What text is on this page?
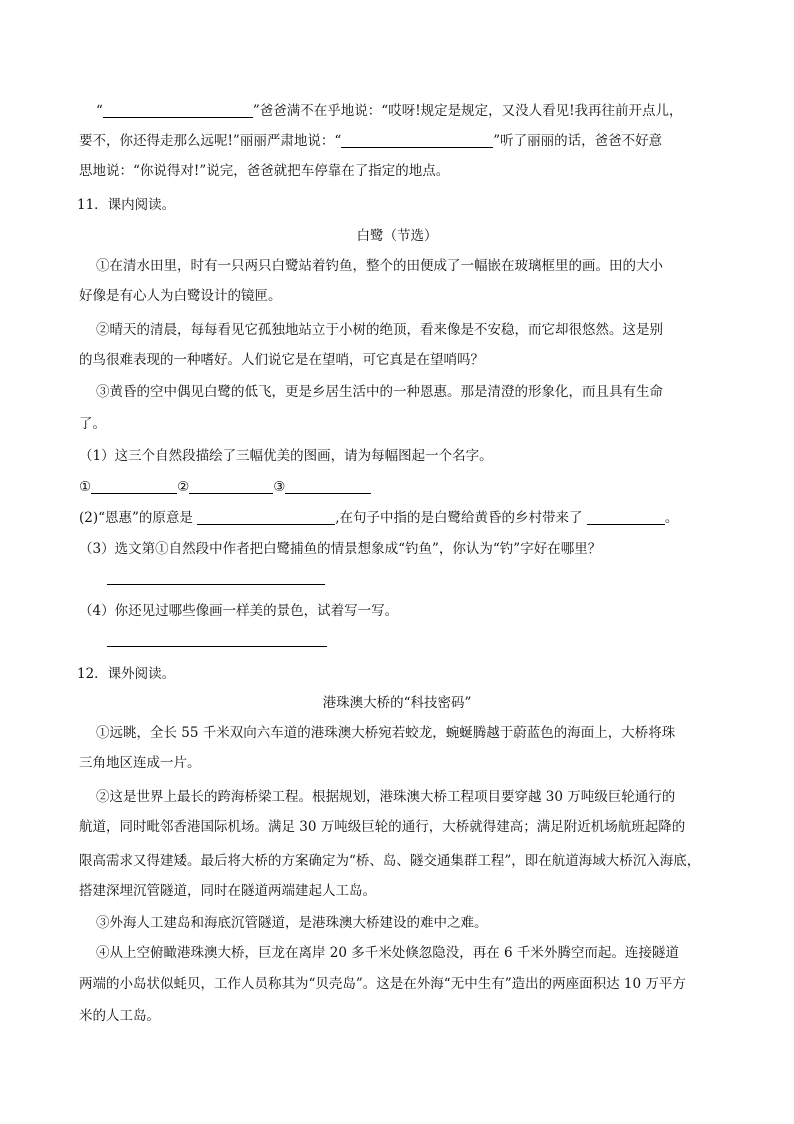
“	”爸爸满不在乎地说：“哎呀!规定是规定，又没人看见!我再往前开点儿，
要不，你还得走那么远呢!”丽丽严肃地说：“	”听了丽丽的话，爸爸不好意
思地说：“你说得对!”说完，爸爸就把车停靠在了指定的地点。
11．课内阅读。
白鹭（节选）
①在清水田里，时有一只两只白鹭站着钓鱼，整个的田便成了一幅嵌在玻璃框里的画。田的大小
好像是有心人为白鹭设计的镜匣。
②晴天的清晨，每每看见它孤独地站立于小树的绝顶，看来像是不安稳，而它却很悠然。这是别
的鸟很难表现的一种嗜好。人们说它是在望哨，可它真是在望哨吗？
③黄昏的空中偶见白鹭的低飞，更是乡居生活中的一种恩惠。那是清澄的形象化，而且具有生命
了。
（1）这三个自然段描绘了三幅优美的图画，请为每幅图起一个名字。
①	②	③
(2)“恩惠”的原意是	,在句子中指的是白鹭给黄昏的乡村带来了	。
（3）选文第①自然段中作者把白鹭捕鱼的情景想象成“钓鱼”，你认为“钓”字好在哪里？
（4）你还见过哪些像画一样美的景色，试着写一写。
12．课外阅读。
港珠澳大桥的“科技密码”
①远眺，全长 55 千米双向六车道的港珠澳大桥宛若蛟龙，蜿蜒腾越于蔚蓝色的海面上，大桥将珠
三角地区连成一片。
②这是世界上最长的跨海桥梁工程。根据规划，港珠澳大桥工程项目要穿越 30 万吨级巨轮通行的
航道，同时毗邻香港国际机场。满足 30 万吨级巨轮的通行，大桥就得建高；满足附近机场航班起降的
限高需求又得建矮。最后将大桥的方案确定为“桥、岛、隧交通集群工程”，即在航道海域大桥沉入海底，
搭建深埋沉管隧道，同时在隧道两端建起人工岛。
③外海人工建岛和海底沉管隧道，是港珠澳大桥建设的难中之难。
④从上空俯瞰港珠澳大桥，巨龙在离岸 20 多千米处倏忽隐没，再在 6 千米外腾空而起。连接隧道
两端的小岛状似蚝贝，工作人员称其为“贝壳岛”。这是在外海“无中生有”造出的两座面积达 10 万平方
米的人工岛。
